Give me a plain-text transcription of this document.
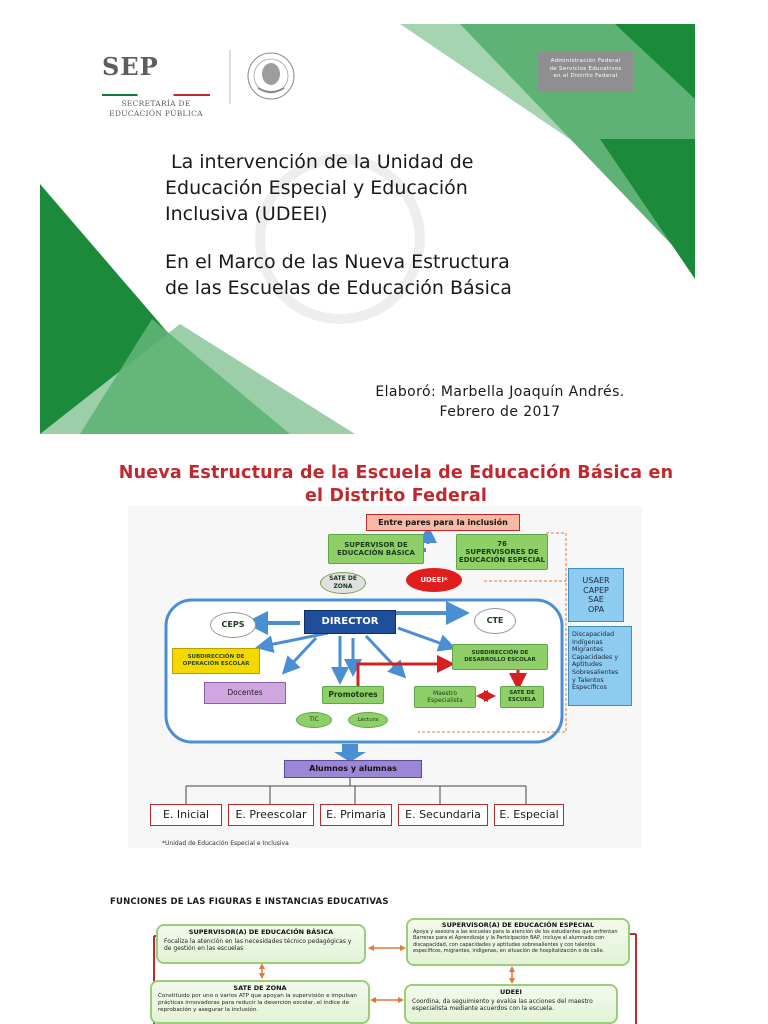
SEP
SECRETARÍA DE
EDUCACIÓN PÚBLICA
Administración Federal
de Servicios Educativos
en el Distrito Federal

La intervención de la Unidad de

Educación Especial y Educación

Inclusiva (UDEEI)

En el Marco de las Nueva Estructura

de las Escuelas de Educación Básica

Elaboró: Marbella Joaquín Andrés.
Febrero de 2017
Nueva Estructura de la Escuela de Educación Básica en
el Distrito Federal
Entre pares para la inclusión
SUPERVISOR DE EDUCACIÓN BÁSICA
76
SUPERVISORES DE EDUCACIÓN ESPECIAL
SATE DE ZONA
UDEEI*	USAER
CAPEP
SAE
OPA
Discapacidad
Indígenas
Migrantes
Capacidades y Aptitudes Sobresalientes
y Talentos Específicos
CEPS	DIRECTOR	CTE
SUBDIRECCIÓN DE OPERACIÓN ESCOLAR
SUBDIRECCIÓN DE DESARROLLO ESCOLAR
Docentes	Promotores	Maestro Especialista
SATE DE ESCUELA
TIC	Lectura
Alumnos y alumnas
E. Inicial	E. Preescolar	E. Primaria	E. Secundaria	E. Especial
*Unidad de Educación Especial e Inclusiva
FUNCIONES DE LAS FIGURAS E INSTANCIAS EDUCATIVAS
SUPERVISOR(A) DE EDUCACIÓN BÁSICA
Focaliza la atención en las necesidades técnico pedagógicas y de gestión en las escuelas
SUPERVISOR(A) DE EDUCACIÓN ESPECIAL
Apoya y asesora a las escuelas para la atención de los estudiantes que enfrentan Barreras para el Aprendizaje y la Participación BAP, incluye al alumnado con discapacidad, con capacidades y aptitudes sobresalientes y con talentos específicos, migrantes, indígenas, en situación de hospitalización o de calle.
SATE DE ZONA
Constituido por uno o varios ATP que apoyan la supervisión e impulsan prácticas innovadoras para reducir la deserción escolar, el índice de reprobación y asegurar la inclusión.
UDEEI
Coordina, da seguimiento y evalúa las acciones del maestro especialista mediante acuerdos con la escuela.
